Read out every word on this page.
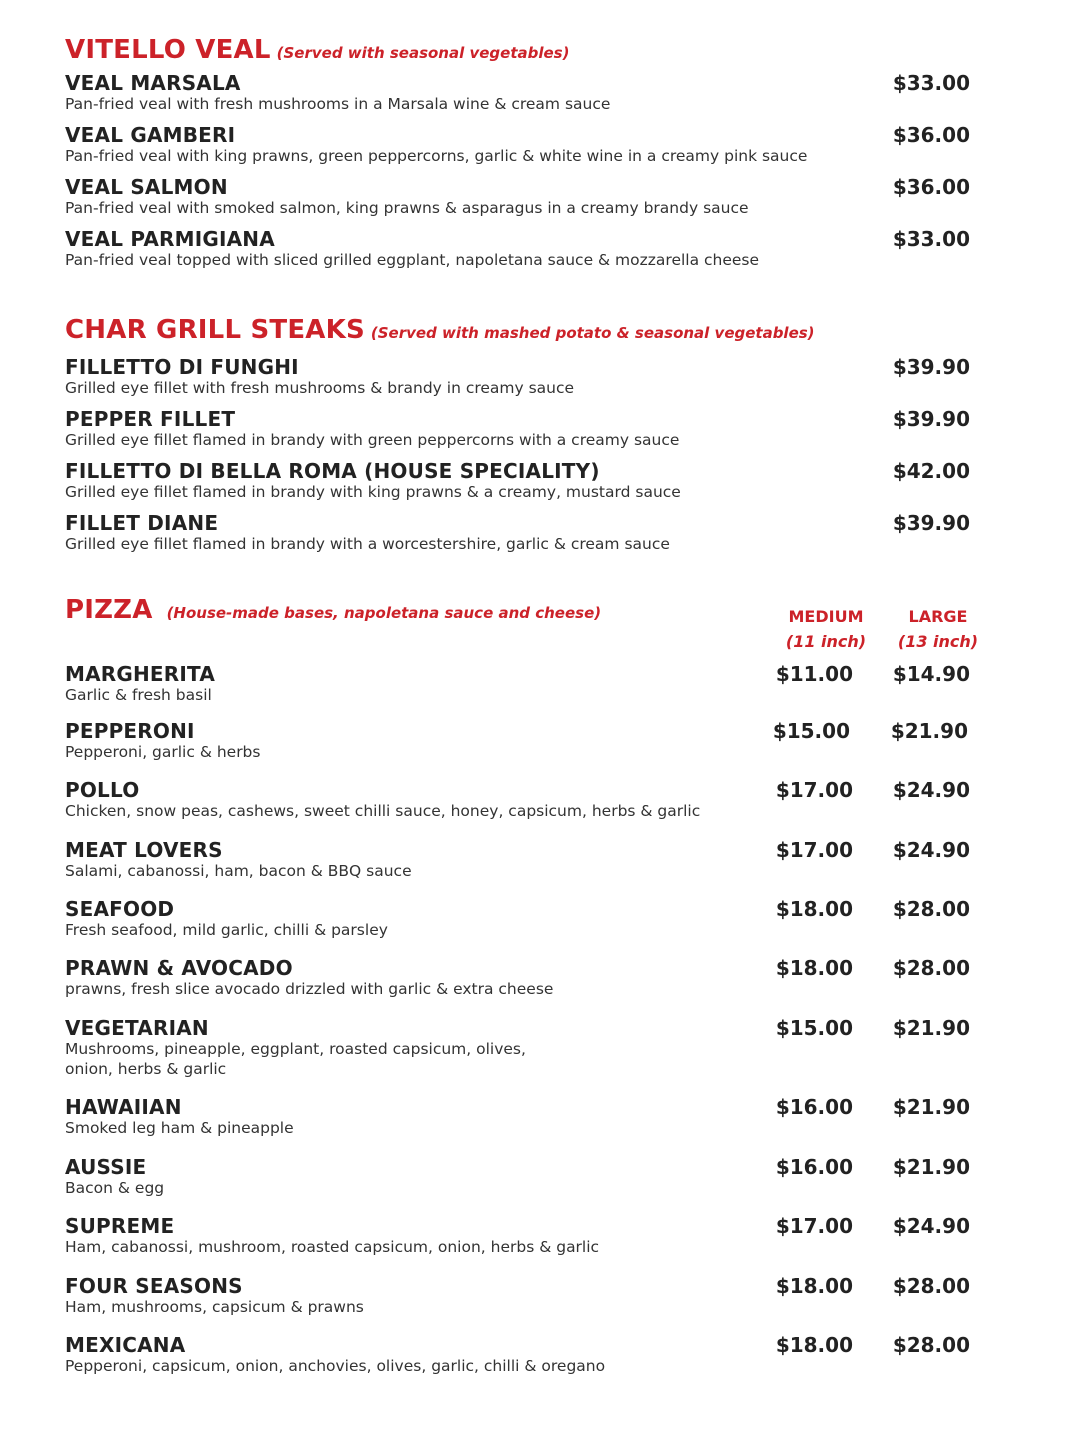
VITELLO VEAL (Served with seasonal vegetables)
VEAL MARSALA
Pan-fried veal with fresh mushrooms in a Marsala wine & cream sauce
$33.00
VEAL GAMBERI
Pan-fried veal with king prawns, green peppercorns, garlic & white wine in a creamy pink sauce
$36.00
VEAL SALMON
Pan-fried veal with smoked salmon, king prawns & asparagus in a creamy brandy sauce
$36.00
VEAL PARMIGIANA
Pan-fried veal topped with sliced grilled eggplant, napoletana sauce & mozzarella cheese
$33.00
CHAR GRILL STEAKS (Served with mashed potato & seasonal vegetables)
FILLETTO DI FUNGHI
Grilled eye fillet with fresh mushrooms & brandy in creamy sauce
$39.90
PEPPER FILLET
Grilled eye fillet flamed in brandy with green peppercorns with a creamy sauce
$39.90
FILLETTO DI BELLA ROMA (HOUSE SPECIALITY)
Grilled eye fillet flamed in brandy with king prawns & a creamy, mustard sauce
$42.00
FILLET DIANE
Grilled eye fillet flamed in brandy with a worcestershire, garlic & cream sauce
$39.90
PIZZA (House-made bases, napoletana sauce and cheese)	MEDIUM
(11 inch)
LARGE
(13 inch)
MARGHERITA
Garlic & fresh basil
$11.00 $14.90
PEPPERONI
Pepperoni, garlic & herbs
$15.00 $21.90
POLLO
Chicken, snow peas, cashews, sweet chilli sauce, honey, capsicum, herbs & garlic
$17.00 $24.90
MEAT LOVERS
Salami, cabanossi, ham, bacon & BBQ sauce
$17.00 $24.90
SEAFOOD
Fresh seafood, mild garlic, chilli & parsley
$18.00 $28.00
PRAWN & AVOCADO
prawns, fresh slice avocado drizzled with garlic & extra cheese
$18.00 $28.00
VEGETARIAN
Mushrooms, pineapple, eggplant, roasted capsicum, olives,
onion, herbs & garlic
$15.00 $21.90
HAWAIIAN
Smoked leg ham & pineapple
$16.00 $21.90
AUSSIE
Bacon & egg
$16.00 $21.90
SUPREME
Ham, cabanossi, mushroom, roasted capsicum, onion, herbs & garlic
$17.00 $24.90
FOUR SEASONS
Ham, mushrooms, capsicum & prawns
$18.00 $28.00
MEXICANA
Pepperoni, capsicum, onion, anchovies, olives, garlic, chilli & oregano
$18.00 $28.00
